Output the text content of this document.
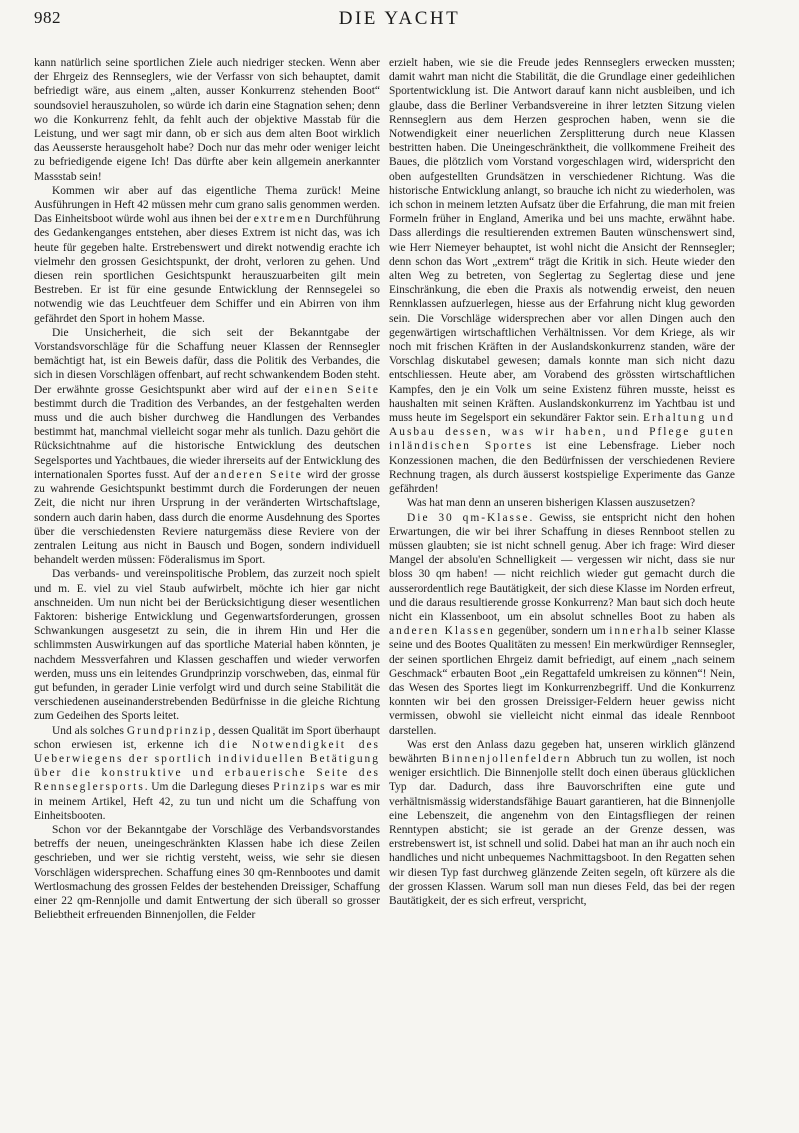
982	DIE YACHT

kann natürlich seine sportlichen Ziele auch niedriger stecken. Wenn aber der Ehrgeiz des Rennseglers, wie der Verfassr von sich behauptet, damit befriedigt wäre, aus einem „alten, ausser Konkurrenz stehenden Boot“ soundsoviel herauszuholen, so würde ich darin eine Stagnation sehen; denn wo die Konkurrenz fehlt, da fehlt auch der objektive Masstab für die Leistung, und wer sagt mir dann, ob er sich aus dem alten Boot wirklich das Aeusserste herausgeholt habe? Doch nur das mehr oder weniger leicht zu befriedigende eigene Ich! Das dürfte aber kein allgemein anerkannter Massstab sein!

Kommen wir aber auf das eigentliche Thema zurück! Meine Ausführungen in Heft 42 müssen mehr cum grano salis genommen werden. Das Einheitsboot würde wohl aus ihnen bei der extremen Durchführung des Gedankenganges entstehen, aber dieses Extrem ist nicht das, was ich heute für gegeben halte. Erstrebenswert und direkt notwendig erachte ich vielmehr den grossen Gesichtspunkt, der droht, verloren zu gehen. Und diesen rein sportlichen Gesichtspunkt herauszuarbeiten gilt mein Bestreben. Er ist für eine gesunde Entwicklung der Rennsegelei so notwendig wie das Leuchtfeuer dem Schiffer und ein Abirren von ihm gefährdet den Sport in hohem Masse.

Die Unsicherheit, die sich seit der Bekanntgabe der Vorstandsvorschläge für die Schaffung neuer Klassen der Rennsegler bemächtigt hat, ist ein Beweis dafür, dass die Politik des Verbandes, die sich in diesen Vorschlägen offenbart, auf recht schwankendem Boden steht. Der erwähnte grosse Gesichtspunkt aber wird auf der einen Seite bestimmt durch die Tradition des Verbandes, an der festgehalten werden muss und die auch bisher durchweg die Handlungen des Verbandes bestimmt hat, manchmal vielleicht sogar mehr als tunlich. Dazu gehört die Rücksichtnahme auf die historische Entwicklung des deutschen Segelsportes und Yachtbaues, die wieder ihrerseits auf der Entwicklung des internationalen Sportes fusst. Auf der anderen Seite wird der grosse zu wahrende Gesichtspunkt bestimmt durch die Forderungen der neuen Zeit, die nicht nur ihren Ursprung in der veränderten Wirtschaftslage, sondern auch darin haben, dass durch die enorme Ausdehnung des Sportes über die verschiedensten Reviere naturgemäss diese Reviere von der zentralen Leitung aus nicht in Bausch und Bogen, sondern individuell behandelt werden müssen: Föderalismus im Sport.

Das verbands- und vereinspolitische Problem, das zurzeit noch spielt und m. E. viel zu viel Staub aufwirbelt, möchte ich hier gar nicht anschneiden. Um nun nicht bei der Berücksichtigung dieser wesentlichen Faktoren: bisherige Entwicklung und Gegenwartsforderungen, grossen Schwankungen ausgesetzt zu sein, die in ihrem Hin und Her die schlimmsten Auswirkungen auf das sportliche Material haben könnten, je nachdem Messverfahren und Klassen geschaffen und wieder verworfen werden, muss uns ein leitendes Grundprinzip vorschweben, das, einmal für gut befunden, in gerader Linie verfolgt wird und durch seine Stabilität die verschiedenen auseinanderstrebenden Bedürfnisse in die gleiche Richtung zum Gedeihen des Sports leitet.

Und als solches Grundprinzip, dessen Qualität im Sport überhaupt schon erwiesen ist, erkenne ich die Notwendigkeit des Ueberwiegens der sportlich individuellen Betätigung über die konstruktive und erbauerische Seite des Rennseglersports. Um die Darlegung dieses Prinzips war es mir in meinem Artikel, Heft 42, zu tun und nicht um die Schaffung von Einheitsbooten.

Schon vor der Bekanntgabe der Vorschläge des Verbandsvorstandes betreffs der neuen, uneingeschränkten Klassen habe ich diese Zeilen geschrieben, und wer sie richtig versteht, weiss, wie sehr sie diesen Vorschlägen widersprechen. Schaffung eines 30 qm-Rennbootes und damit Wertlosmachung des grossen Feldes der bestehenden Dreissiger, Schaffung einer 22 qm-Rennjolle und damit Entwertung der sich überall so grosser Beliebtheit erfreuenden Binnenjollen, die Felder

erzielt haben, wie sie die Freude jedes Rennseglers erwecken mussten; damit wahrt man nicht die Stabilität, die die Grundlage einer gedeihlichen Sportentwicklung ist. Die Antwort darauf kann nicht ausbleiben, und ich glaube, dass die Berliner Verbandsvereine in ihrer letzten Sitzung vielen Rennseglern aus dem Herzen gesprochen haben, wenn sie die Notwendigkeit einer neuerlichen Zersplitterung durch neue Klassen bestritten haben. Die Uneingeschränktheit, die vollkommene Freiheit des Baues, die plötzlich vom Vorstand vorgeschlagen wird, widerspricht den oben aufgestellten Grundsätzen in verschiedener Richtung. Was die historische Entwicklung anlangt, so brauche ich nicht zu wiederholen, was ich schon in meinem letzten Aufsatz über die Erfahrung, die man mit freien Formeln früher in England, Amerika und bei uns machte, erwähnt habe. Dass allerdings die resultierenden extremen Bauten wünschenswert sind, wie Herr Niemeyer behauptet, ist wohl nicht die Ansicht der Rennsegler; denn schon das Wort „extrem“ trägt die Kritik in sich. Heute wieder den alten Weg zu betreten, von Seglertag zu Seglertag diese und jene Einschränkung, die eben die Praxis als notwendig erweist, den neuen Rennklassen aufzuerlegen, hiesse aus der Erfahrung nicht klug geworden sein. Die Vorschläge widersprechen aber vor allen Dingen auch den gegenwärtigen wirtschaftlichen Verhältnissen. Vor dem Kriege, als wir noch mit frischen Kräften in der Auslandskonkurrenz standen, wäre der Vorschlag diskutabel gewesen; damals konnte man sich nicht dazu entschliessen. Heute aber, am Vorabend des grössten wirtschaftlichen Kampfes, den je ein Volk um seine Existenz führen musste, heisst es haushalten mit seinen Kräften. Auslandskonkurrenz im Yachtbau ist und muss heute im Segelsport ein sekundärer Faktor sein. Erhaltung und Ausbau dessen, was wir haben, und Pflege guten inländischen Sportes ist eine Lebensfrage. Lieber noch Konzessionen machen, die den Bedürfnissen der verschiedenen Reviere Rechnung tragen, als durch äusserst kostspielige Experimente das Ganze gefährden!

Was hat man denn an unseren bisherigen Klassen auszusetzen?

Die 30 qm-Klasse. Gewiss, sie entspricht nicht den hohen Erwartungen, die wir bei ihrer Schaffung in dieses Rennboot stellen zu müssen glaubten; sie ist nicht schnell genug. Aber ich frage: Wird dieser Mangel der absolu'en Schnelligkeit — vergessen wir nicht, dass sie nur bloss 30 qm haben! — nicht reichlich wieder gut gemacht durch die ausserordentlich rege Bautätigkeit, der sich diese Klasse im Norden erfreut, und die daraus resultierende grosse Konkurrenz? Man baut sich doch heute nicht ein Klassenboot, um ein absolut schnelles Boot zu haben als anderen Klassen gegenüber, sondern um innerhalb seiner Klasse seine und des Bootes Qualitäten zu messen! Ein merkwürdiger Rennsegler, der seinen sportlichen Ehrgeiz damit befriedigt, auf einem „nach seinem Geschmack“ erbauten Boot „ein Regattafeld umkreisen zu können“! Nein, das Wesen des Sportes liegt im Konkurrenzbegriff. Und die Konkurrenz konnten wir bei den grossen Dreissiger-Feldern heuer gewiss nicht vermissen, obwohl sie vielleicht nicht einmal das ideale Rennboot darstellen.

Was erst den Anlass dazu gegeben hat, unseren wirklich glänzend bewährten Binnenjollenfeldern Abbruch tun zu wollen, ist noch weniger ersichtlich. Die Binnenjolle stellt doch einen überaus glücklichen Typ dar. Dadurch, dass ihre Bauvorschriften eine gute und verhältnismässig widerstandsfähige Bauart garantieren, hat die Binnenjolle eine Lebenszeit, die angenehm von den Eintagsfliegen der reinen Renntypen absticht; sie ist gerade an der Grenze dessen, was erstrebenswert ist, ist schnell und solid. Dabei hat man an ihr auch noch ein handliches und nicht unbequemes Nachmittagsboot. In den Regatten sehen wir diesen Typ fast durchweg glänzende Zeiten segeln, oft kürzere als die der grossen Klassen. Warum soll man nun dieses Feld, das bei der regen Bautätigkeit, der es sich erfreut, verspricht,
